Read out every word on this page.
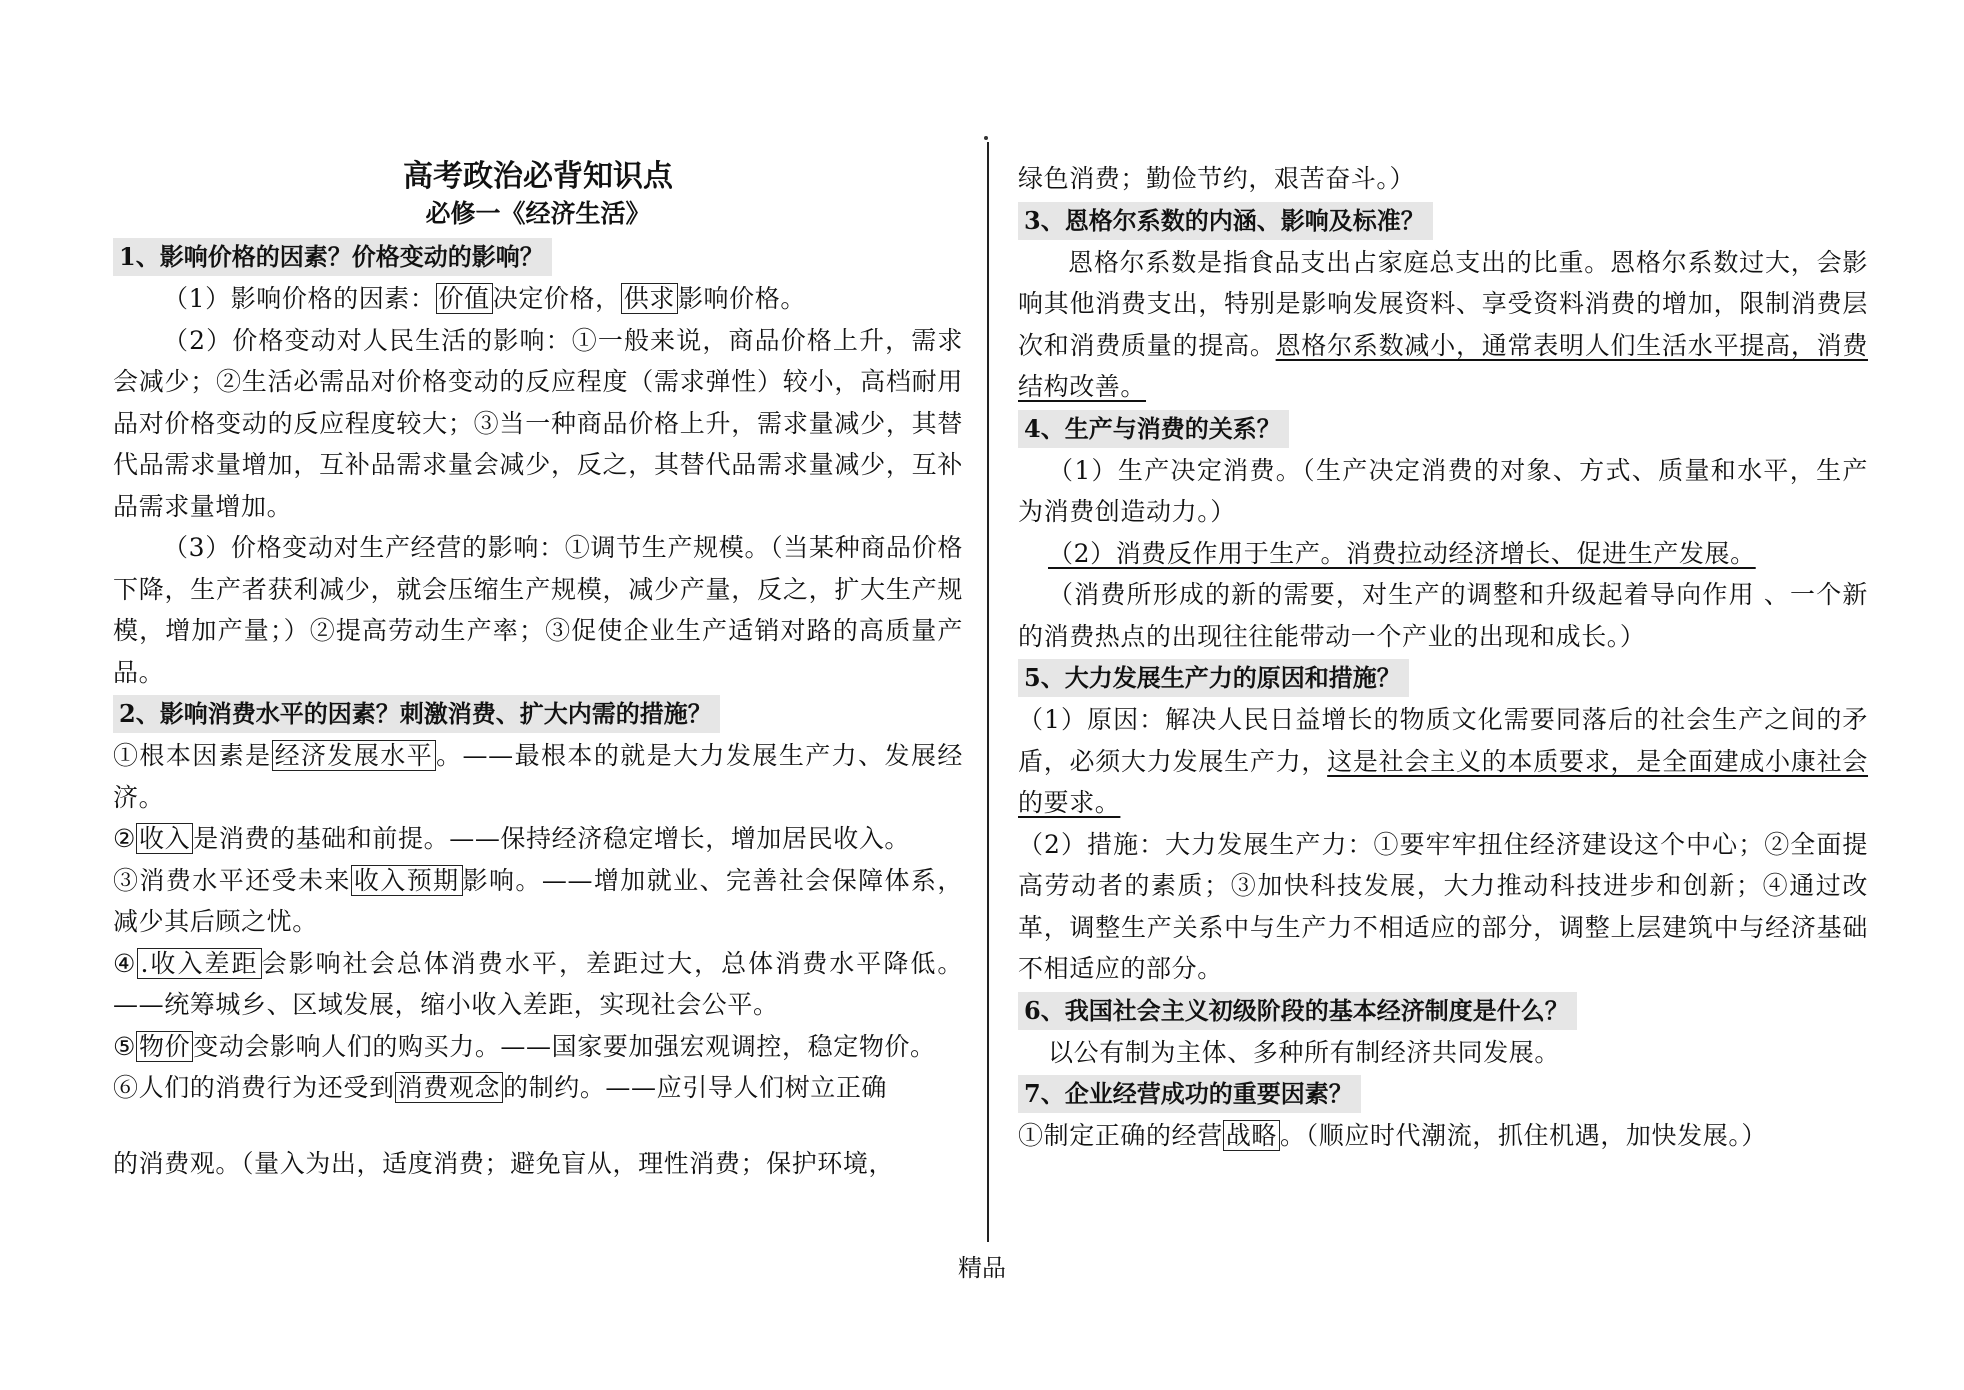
高考政治必背知识点
必修一《经济生活》
1、影响价格的因素？价格变动的影响？

（1）影响价格的因素： 价值 决定价格， 供求 影响价格。

（2）价格变动对人民生活的影响：①一般来说，商品价格上升，需求会减少；②生活必需品对价格变动的反应程度（需求弹性）较小，高档耐用品对价格变动的反应程度较大；③当一种商品价格上升，需求量减少，其替代品需求量增加，互补品需求量会减少，反之，其替代品需求量减少，互补品需求量增加。

（3）价格变动对生产经营的影响：①调节生产规模。（当某种商品价格下降，生产者获利减少，就会压缩生产规模，减少产量，反之，扩大生产规模，增加产量；）②提高劳动生产率；③促使企业生产适销对路的高质量产品。

2、影响消费水平的因素？刺激消费、扩大内需的措施？

①根本因素是 经济发展水平 。——最根本的就是大力发展生产力、发展经济。

② 收入 是消费的基础和前提。——保持经济稳定增长，增加居民收入。

③消费水平还受未来 收入预期 影响。——增加就业、完善社会保障体系，减少其后顾之忧。

④ .收入差距 会影响社会总体消费水平，差距过大，总体消费水平降低。——统筹城乡、区域发展，缩小收入差距，实现社会公平。

⑤ 物价 变动会影响人们的购买力。——国家要加强宏观调控，稳定物价。

⑥人们的消费行为还受到 消费观念 的制约。——应引导人们树立正确

的消费观。（量入为出，适度消费；避免盲从，理性消费；保护环境，

绿色消费；勤俭节约，艰苦奋斗。）

3、恩格尔系数的内涵、影响及标准？

恩格尔系数是指食品支出占家庭总支出的比重。恩格尔系数过大，会影响其他消费支出，特别是影响发展资料、享受资料消费的增加，限制消费层次和消费质量的提高。恩格尔系数减小，通常表明人们生活水平提高，消费结构改善。

4、生产与消费的关系？

（1）生产决定消费。（生产决定消费的对象、方式、质量和水平，生产为消费创造动力。）

（2）消费反作用于生产。消费拉动经济增长、促进生产发展。

（消费所形成的新的需要，对生产的调整和升级起着导向作用 、一个新的消费热点的出现往往能带动一个产业的出现和成长。）

5、大力发展生产力的原因和措施？

（1）原因：解决人民日益增长的物质文化需要同落后的社会生产之间的矛盾，必须大力发展生产力，这是社会主义的本质要求，是全面建成小康社会的要求。

（2）措施：大力发展生产力：①要牢牢扭住经济建设这个中心；②全面提高劳动者的素质；③加快科技发展，大力推动科技进步和创新；④通过改革，调整生产关系中与生产力不相适应的部分，调整上层建筑中与经济基础不相适应的部分。

6、我国社会主义初级阶段的基本经济制度是什么？

以公有制为主体、多种所有制经济共同发展。

7、企业经营成功的重要因素？

①制定正确的经营 战略 。（顺应时代潮流，抓住机遇，加快发展。）

精品
